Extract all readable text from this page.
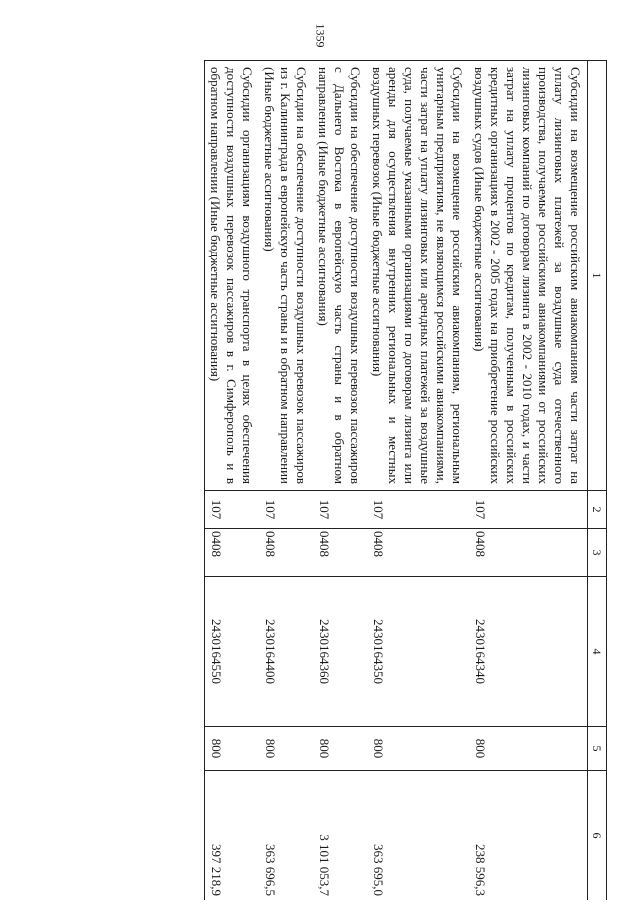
1359
1	2	3	4	5	6
Субсидии на возмещение российским авиакомпаниям части затрат на уплату лизинговых платежей за воздушные суда отечественного производства, получаемые российскими авиакомпаниями от российских лизинговых компаний по договорам лизинга в 2002 - 2010 годах, и части затрат на уплату процентов по кредитам, полученным в российских кредитных организациях в 2002 - 2005 годах на приобретение российских воздушных судов (Иные бюджетные ассигнования)	107	0408	2430164340	800	238 596,3
Субсидии на возмещение российским авиакомпаниям, региональным унитарным предприятиям, не являющимся российскими авиакомпаниями, части затрат на уплату лизинговых или арендных платежей за воздушные суда, получаемые указанными организациями по договорам лизинга или аренды для осуществления внутренних региональных и местных воздушных перевозок (Иные бюджетные ассигнования)	107	0408	2430164350	800	363 695,0
Субсидии на обеспечение доступности воздушных перевозок пассажиров с Дальнего Востока в европейскую часть страны и в обратном направлении (Иные бюджетные ассигнования)	107	0408	2430164360	800	3 101 053,7
Субсидии на обеспечение доступности воздушных перевозок пассажиров из г. Калининграда в европейскую часть страны и в обратном направлении (Иные бюджетные ассигнования)	107	0408	2430164400	800	363 696,5
Субсидии организациям воздушного транспорта в целях обеспечения доступности воздушных перевозок пассажиров в г. Симферополь и в обратном направлении (Иные бюджетные ассигнования)	107	0408	2430164550	800	397 218,9
